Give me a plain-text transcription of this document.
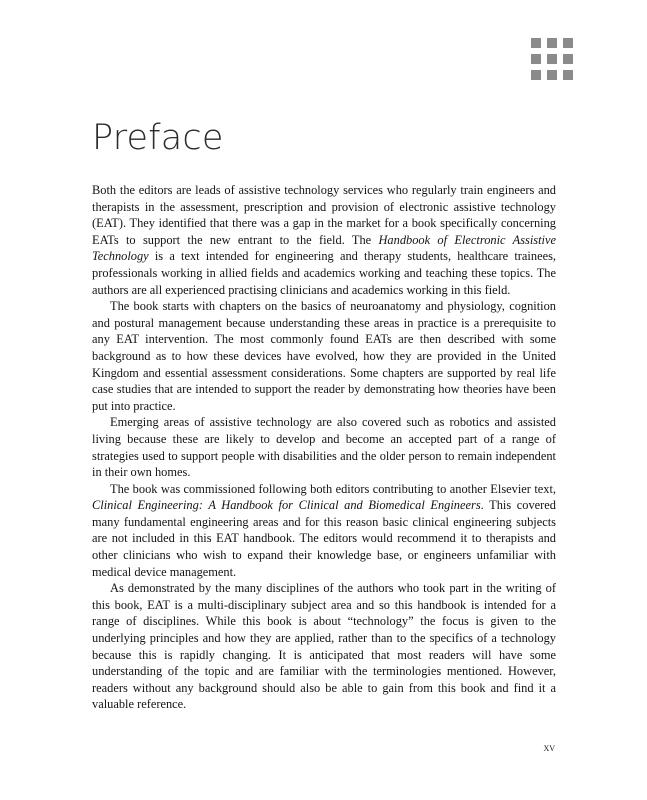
Preface

Both the editors are leads of assistive technology services who regularly train engineers and therapists in the assessment, prescription and provision of electronic assistive technology (EAT). They identified that there was a gap in the market for a book specifically concerning EATs to support the new entrant to the field. The Handbook of Electronic Assistive Technology is a text intended for engineering and therapy students, healthcare trainees, professionals working in allied fields and academics working and teaching these topics. The authors are all experienced practising clinicians and academics working in this field.

The book starts with chapters on the basics of neuroanatomy and physiology, cognition and postural management because understanding these areas in practice is a prerequisite to any EAT intervention. The most commonly found EATs are then described with some background as to how these devices have evolved, how they are provided in the United Kingdom and essential assessment considerations. Some chapters are supported by real life case studies that are intended to support the reader by demonstrating how theories have been put into practice.

Emerging areas of assistive technology are also covered such as robotics and assisted living because these are likely to develop and become an accepted part of a range of strategies used to support people with disabilities and the older person to remain independent in their own homes.

The book was commissioned following both editors contributing to another Elsevier text, Clinical Engineering: A Handbook for Clinical and Biomedical Engineers. This covered many fundamental engineering areas and for this reason basic clinical engineering subjects are not included in this EAT handbook. The editors would recommend it to therapists and other clinicians who wish to expand their knowledge base, or engineers unfamiliar with medical device management.

As demonstrated by the many disciplines of the authors who took part in the writing of this book, EAT is a multi-disciplinary subject area and so this handbook is intended for a range of disciplines. While this book is about “technology” the focus is given to the underlying principles and how they are applied, rather than to the specifics of a technology because this is rapidly changing. It is anticipated that most readers will have some understanding of the topic and are familiar with the terminologies mentioned. However, readers without any background should also be able to gain from this book and find it a valuable reference.

xv
